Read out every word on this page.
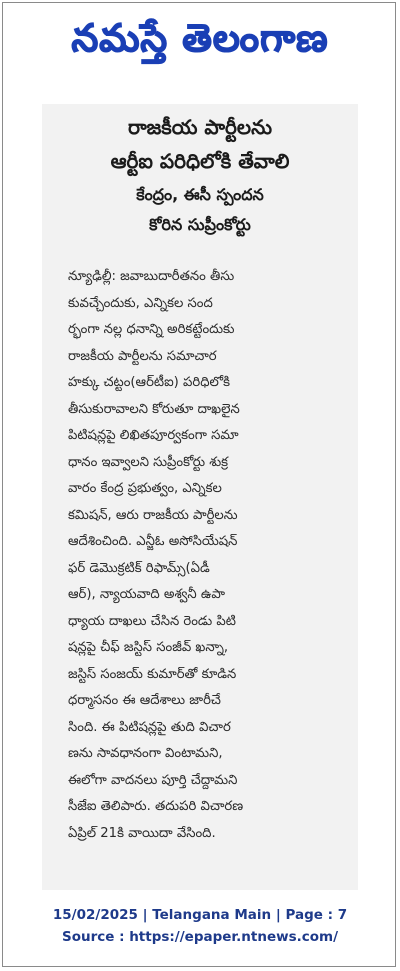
నమస్తే తెలంగాణ
రాజకీయ పార్టీలను
ఆర్టీఐ పరిధిలోకి తేవాలి
కేంద్రం, ఈసీ స్పందన
కోరిన సుప్రీంకోర్టు
న్యూఢిల్లీ: జవాబుదారీతనం తీసు
కువచ్చేందుకు, ఎన్నికల సంద
ర్భంగా నల్ల ధనాన్ని అరికట్టేందుకు
రాజకీయ పార్టీలను సమాచార
హక్కు చట్టం(ఆర్‌టీఐ) పరిధిలోకి
తీసుకురావాలని కోరుతూ దాఖలైన
పిటిషన్లపై లిఖితపూర్వకంగా సమా
ధానం ఇవ్వాలని సుప్రీంకోర్టు శుక్ర
వారం కేంద్ర ప్రభుత్వం, ఎన్నికల
కమిషన్‌, ఆరు రాజకీయ పార్టీలను
ఆదేశించింది. ఎన్జీఓ అసోసియేషన్‌
ఫర్‌ డెమొక్రటిక్‌ రిఫామ్స్‌(ఏడీ
ఆర్‌), న్యాయవాది అశ్వనీ ఉపా
ధ్యాయ దాఖలు చేసిన రెండు పిటి
షన్లపై చీఫ్‌ జస్టిస్‌ సంజీవ్‌ ఖన్నా,
జస్టిస్‌ సంజయ్‌ కుమార్‌తో కూడిన
ధర్మాసనం ఈ ఆదేశాలు జారీచే
సింది. ఈ పిటిషన్లపై తుది విచార
ణను సావధానంగా వింటామని,
ఈలోగా వాదనలు పూర్తి చేద్దామని
సీజేఐ తెలిపారు. తదుపరి విచారణ
ఏప్రిల్‌ 21కి వాయిదా వేసింది.
15/02/2025 | Telangana Main | Page : 7
Source : https://epaper.ntnews.com/
